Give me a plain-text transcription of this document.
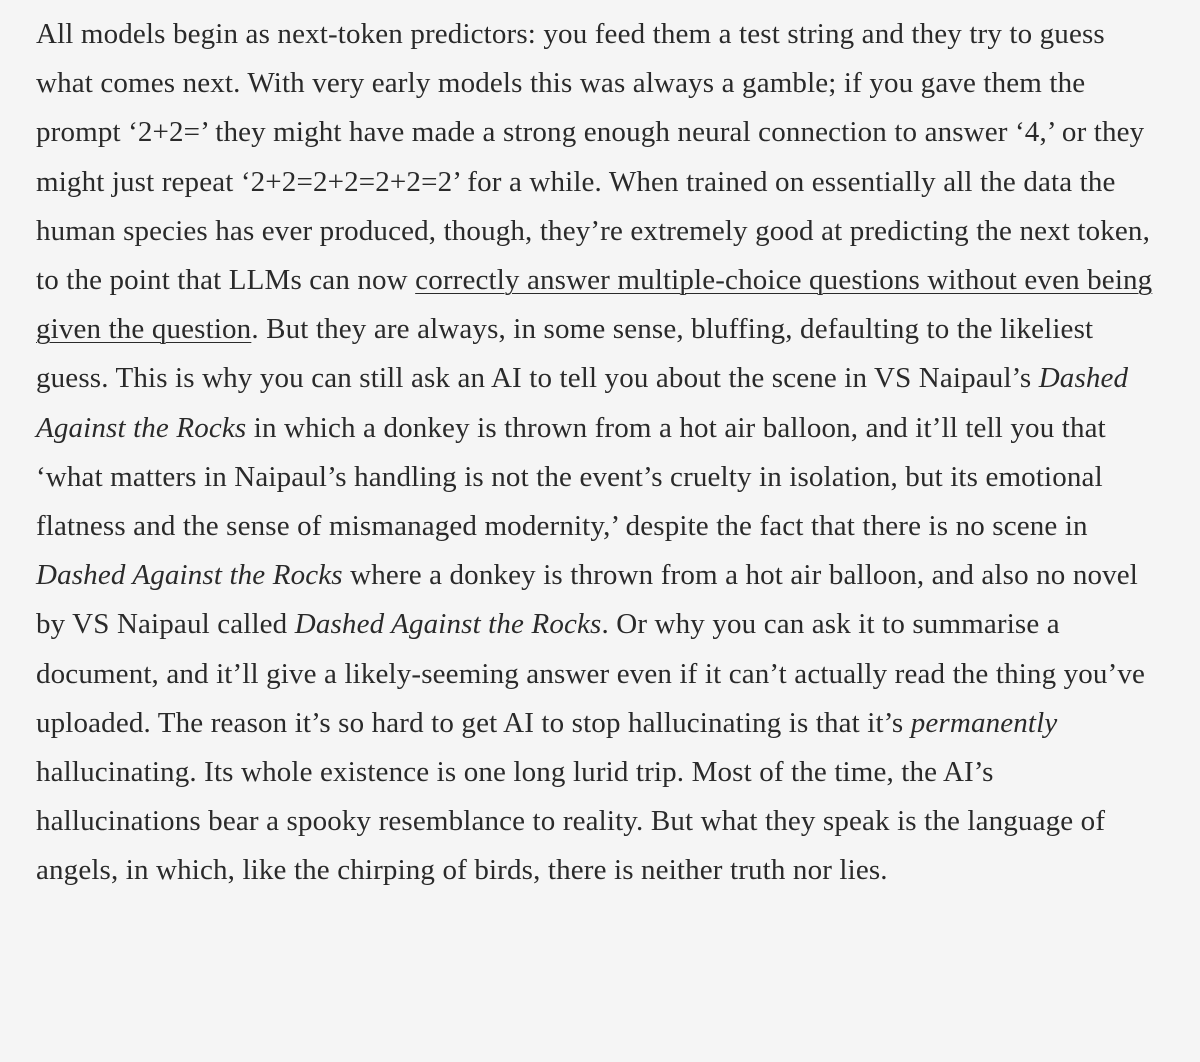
All models begin as next-token predictors: you feed them a test string and they try to guess what comes next. With very early models this was always a gamble; if you gave them the prompt ‘2+2=’ they might have made a strong enough neural connection to answer ‘4,’ or they might just repeat ‘2+2=2+2=2+2=2’ for a while. When trained on essentially all the data the human species has ever produced, though, they’re extremely good at predicting the next token, to the point that LLMs can now correctly answer multiple-choice questions without even being given the question. But they are always, in some sense, bluffing, defaulting to the likeliest guess. This is why you can still ask an AI to tell you about the scene in VS Naipaul’s Dashed Against the Rocks in which a donkey is thrown from a hot air balloon, and it’ll tell you that ‘what matters in Naipaul’s handling is not the event’s cruelty in isolation, but its emotional flatness and the sense of mismanaged modernity,’ despite the fact that there is no scene in Dashed Against the Rocks where a donkey is thrown from a hot air balloon, and also no novel by VS Naipaul called Dashed Against the Rocks. Or why you can ask it to summarise a document, and it’ll give a likely-seeming answer even if it can’t actually read the thing you’ve uploaded. The reason it’s so hard to get AI to stop hallucinating is that it’s permanently hallucinating. Its whole existence is one long lurid trip. Most of the time, the AI’s hallucinations bear a spooky resemblance to reality. But what they speak is the language of angels, in which, like the chirping of birds, there is neither truth nor lies.
